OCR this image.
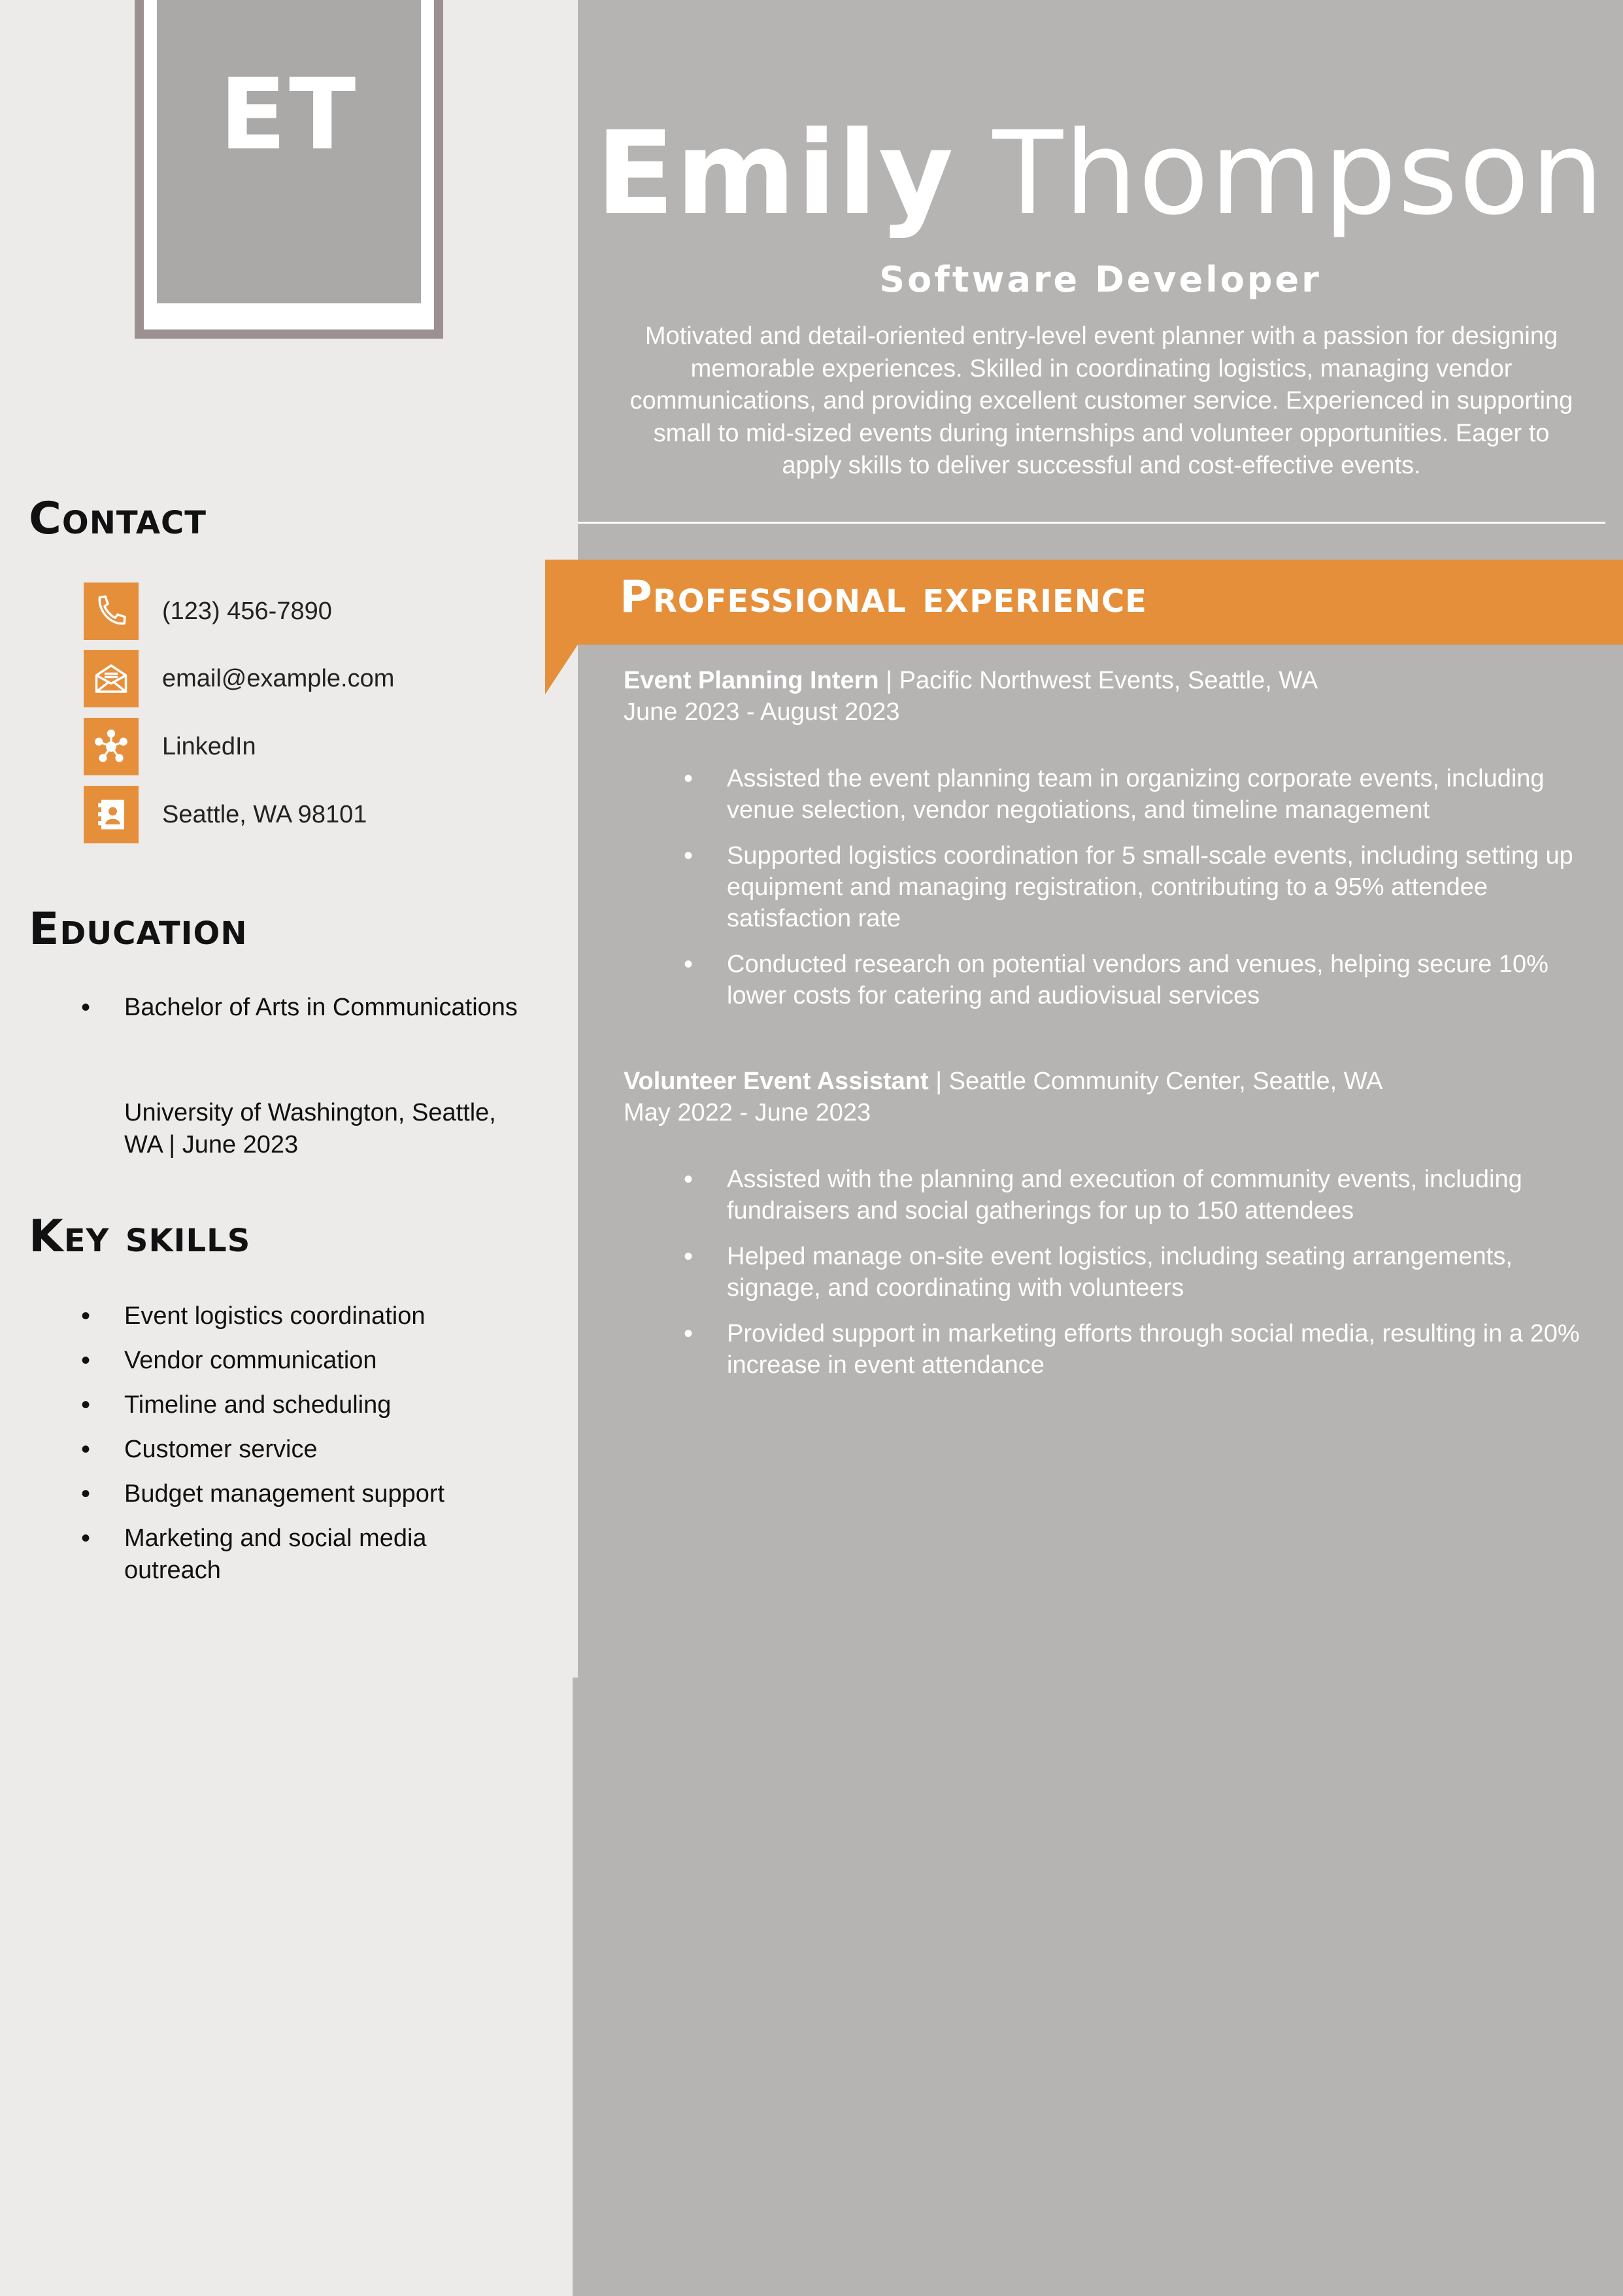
ET
Contact
(123) 456-7890
email@example.com
LinkedIn
Seattle, WA 98101
Education
• Bachelor of Arts in Communications
University of Washington, Seattle, WA | June 2023
Key skills
• Event logistics coordination
• Vendor communication
• Timeline and scheduling
• Customer service
• Budget management support
• Marketing and social media outreach
Emily Thompson
Software Developer
Motivated and detail-oriented entry-level event planner with a passion for designing memorable experiences. Skilled in coordinating logistics, managing vendor communications, and providing excellent customer service. Experienced in supporting small to mid-sized events during internships and volunteer opportunities. Eager to apply skills to deliver successful and cost-effective events.
Professional experience
Event Planning Intern | Pacific Northwest Events, Seattle, WA
June 2023 - August 2023
• Assisted the event planning team in organizing corporate events, including venue selection, vendor negotiations, and timeline management
• Supported logistics coordination for 5 small-scale events, including setting up equipment and managing registration, contributing to a 95% attendee satisfaction rate
• Conducted research on potential vendors and venues, helping secure 10% lower costs for catering and audiovisual services
Volunteer Event Assistant | Seattle Community Center, Seattle, WA
May 2022 - June 2023
• Assisted with the planning and execution of community events, including fundraisers and social gatherings for up to 150 attendees
• Helped manage on-site event logistics, including seating arrangements, signage, and coordinating with volunteers
• Provided support in marketing efforts through social media, resulting in a 20% increase in event attendance
